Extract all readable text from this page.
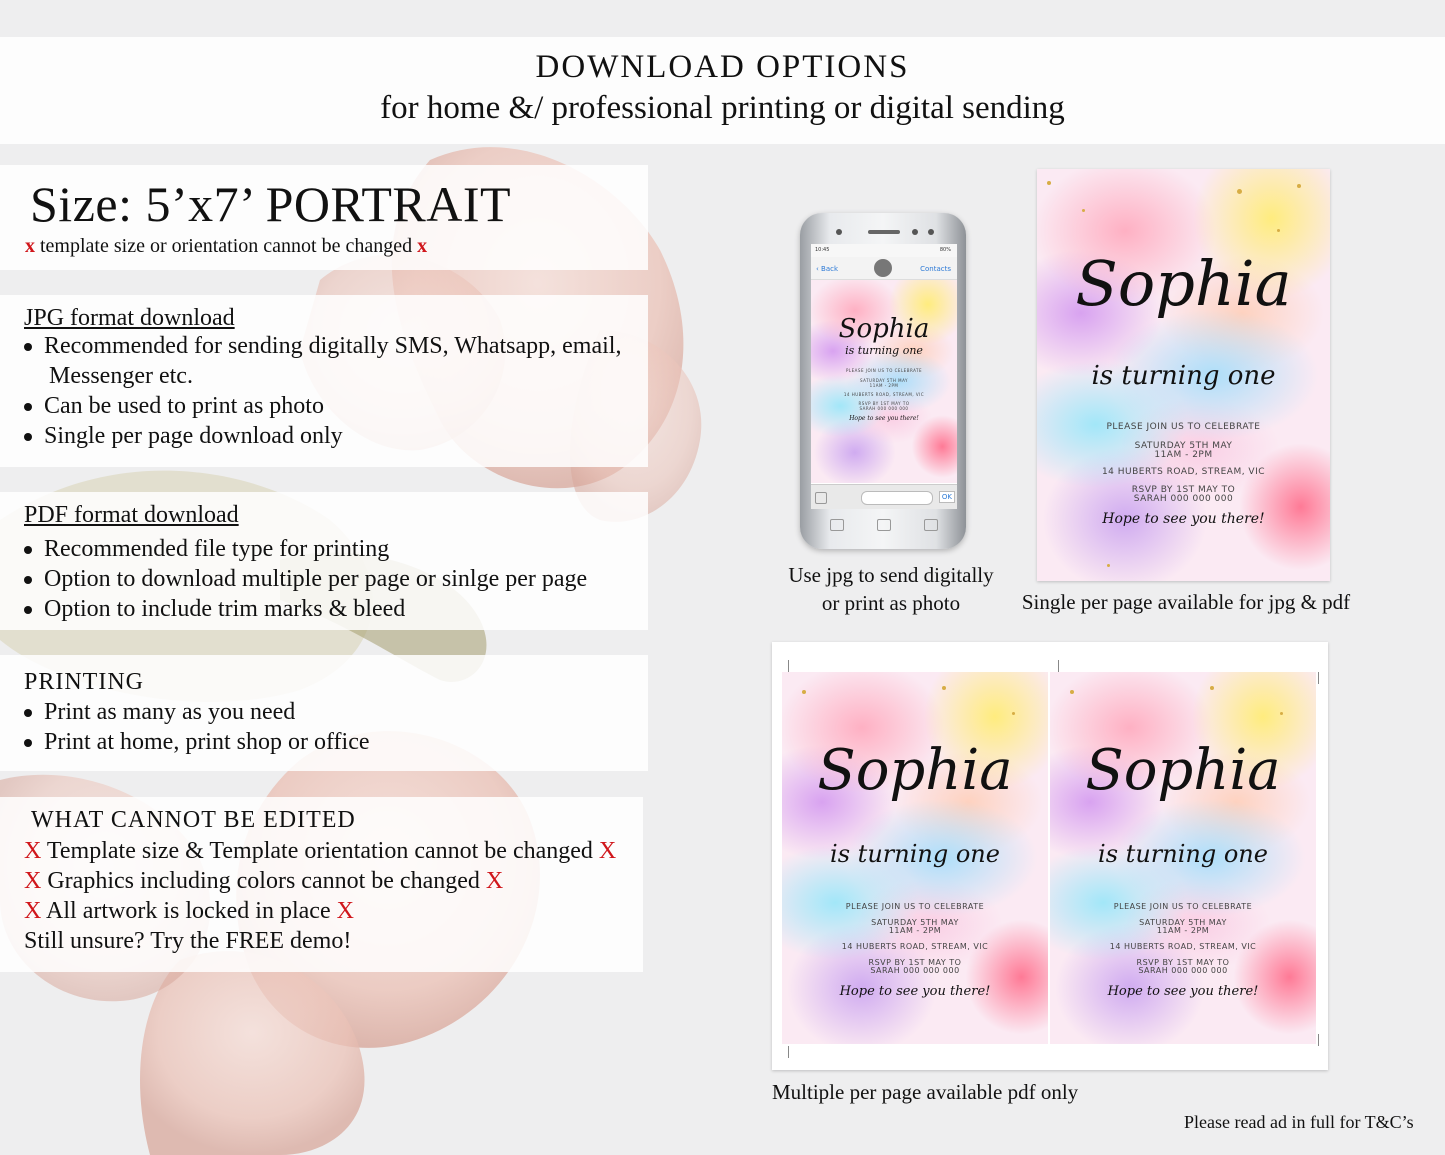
DOWNLOAD OPTIONS
for home &/ professional printing or digital sending
Size: 5’x7’ PORTRAIT
x template size or orientation cannot be changed x
JPG format download
Recommended for sending digitally SMS, Whatsapp, email,
Messenger etc.
Can be used to print as photo
Single per page download only
PDF format download
Recommended file type for printing
Option to download multiple per page or sinlge per page
Option to include trim marks & bleed
PRINTING
Print as many as you need
Print at home, print shop or office
WHAT CANNOT BE EDITED
X Template size & Template orientation cannot be changed X
X Graphics including colors cannot be changed X
X All artwork is locked in place X
Still unsure? Try the FREE demo!
10:45	80%
‹ Back	Contacts
Sophia
is turning one
PLEASE JOIN US TO CELEBRATE
SATURDAY 5TH MAY
11AM - 2PM
14 HUBERTS ROAD, STREAM, VIC
RSVP BY 1ST MAY TO
SARAH 000 000 000
Hope to see you there!
OK
Use jpg to send digitally
or print as photo
Sophia
is turning one
PLEASE JOIN US TO CELEBRATE
SATURDAY 5TH MAY
11AM - 2PM
14 HUBERTS ROAD, STREAM, VIC
RSVP BY 1ST MAY TO
SARAH 000 000 000
Hope to see you there!
Single per page available for jpg & pdf
Sophia
is turning one
PLEASE JOIN US TO CELEBRATE
SATURDAY 5TH MAY
11AM - 2PM
14 HUBERTS ROAD, STREAM, VIC
RSVP BY 1ST MAY TO
SARAH 000 000 000
Hope to see you there!
Sophia
is turning one
PLEASE JOIN US TO CELEBRATE
SATURDAY 5TH MAY
11AM - 2PM
14 HUBERTS ROAD, STREAM, VIC
RSVP BY 1ST MAY TO
SARAH 000 000 000
Hope to see you there!
Multiple per page available pdf only
Please read ad in full for T&C’s
